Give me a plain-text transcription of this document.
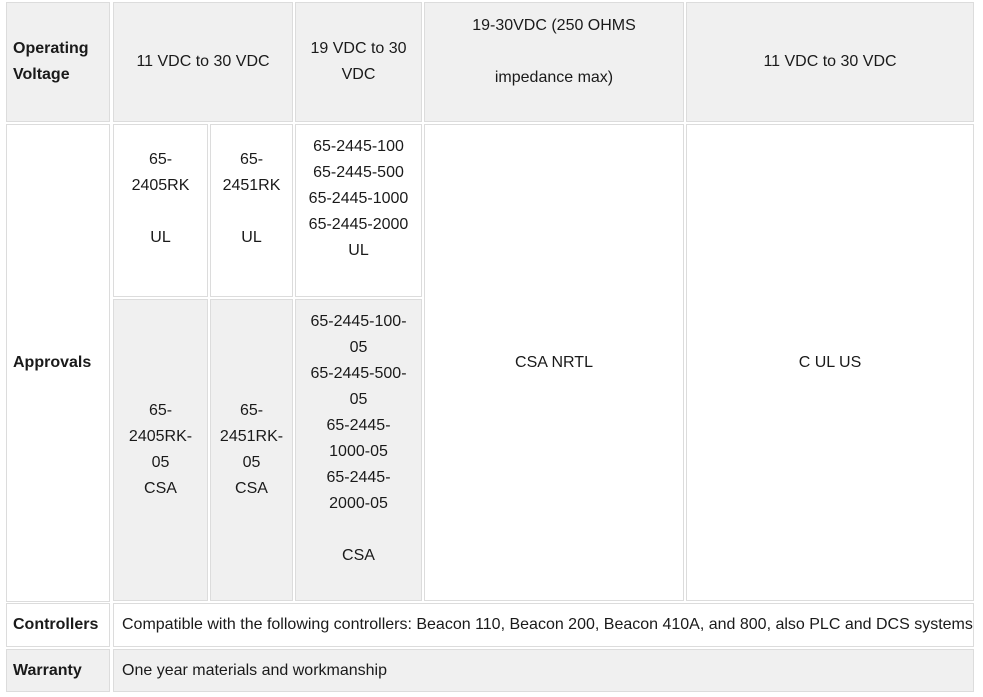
Operating
Voltage
11 VDC to 30 VDC
19 VDC to 30
VDC
19-30VDC (250 OHMS

impedance max)
11 VDC to 30 VDC
Approvals
65-
2405RK

UL
65-
2451RK

UL
65-2445-100
65-2445-500
65-2445-1000
65-2445-2000
UL
65-
2405RK-
05
CSA
65-
2451RK-
05
CSA
65-2445-100-
05
65-2445-500-
05
65-2445-
1000-05
65-2445-
2000-05

CSA
CSA NRTL	C UL US
Controllers Compatible with the following controllers: Beacon 110, Beacon 200, Beacon 410A, and 800, also PLC and DCS systems
Warranty	One year materials and workmanship
